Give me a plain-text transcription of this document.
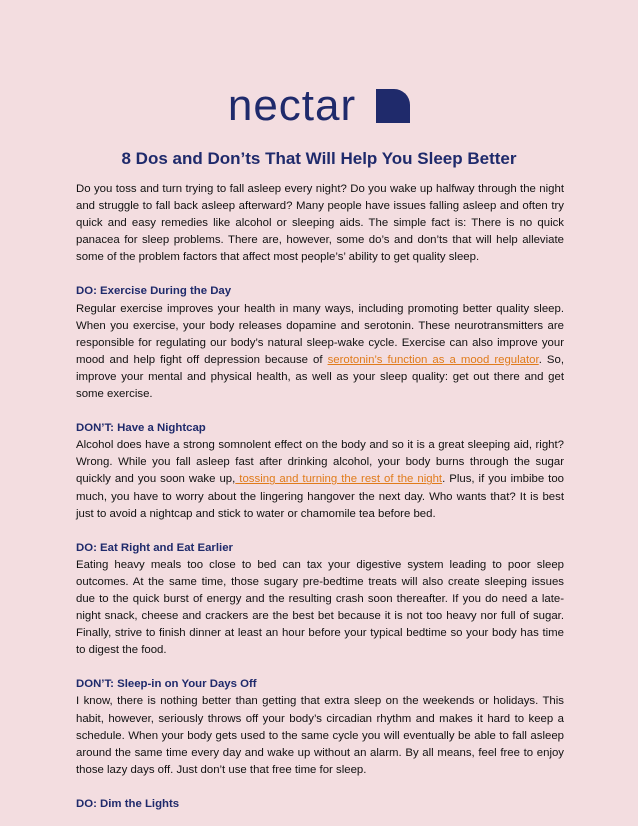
nectar
8 Dos and Don’ts That Will Help You Sleep Better

Do you toss and turn trying to fall asleep every night? Do you wake up halfway through the night and struggle to fall back asleep afterward? Many people have issues falling asleep and often try quick and easy remedies like alcohol or sleeping aids. The simple fact is: There is no quick panacea for sleep problems. There are, however, some do’s and don’ts that will help alleviate some of the problem factors that affect most people’s’ ability to get quality sleep.

DO: Exercise During the Day

Regular exercise improves your health in many ways, including promoting better quality sleep. When you exercise, your body releases dopamine and serotonin. These neurotransmitters are responsible for regulating our body’s natural sleep-wake cycle. Exercise can also improve your mood and help fight off depression because of serotonin’s function as a mood regulator. So, improve your mental and physical health, as well as your sleep quality: get out there and get some exercise.

DON’T: Have a Nightcap

Alcohol does have a strong somnolent effect on the body and so it is a great sleeping aid, right? Wrong. While you fall asleep fast after drinking alcohol, your body burns through the sugar quickly and you soon wake up, tossing and turning the rest of the night. Plus, if you imbibe too much, you have to worry about the lingering hangover the next day. Who wants that? It is best just to avoid a nightcap and stick to water or chamomile tea before bed.

DO: Eat Right and Eat Earlier

Eating heavy meals too close to bed can tax your digestive system leading to poor sleep outcomes. At the same time, those sugary pre-bedtime treats will also create sleeping issues due to the quick burst of energy and the resulting crash soon thereafter. If you do need a late-night snack, cheese and crackers are the best bet because it is not too heavy nor full of sugar. Finally, strive to finish dinner at least an hour before your typical bedtime so your body has time to digest the food.

DON’T: Sleep-in on Your Days Off

I know, there is nothing better than getting that extra sleep on the weekends or holidays. This habit, however, seriously throws off your body’s circadian rhythm and makes it hard to keep a schedule. When your body gets used to the same cycle you will eventually be able to fall asleep around the same time every day and wake up without an alarm. By all means, feel free to enjoy those lazy days off. Just don’t use that free time for sleep.

DO: Dim the Lights
